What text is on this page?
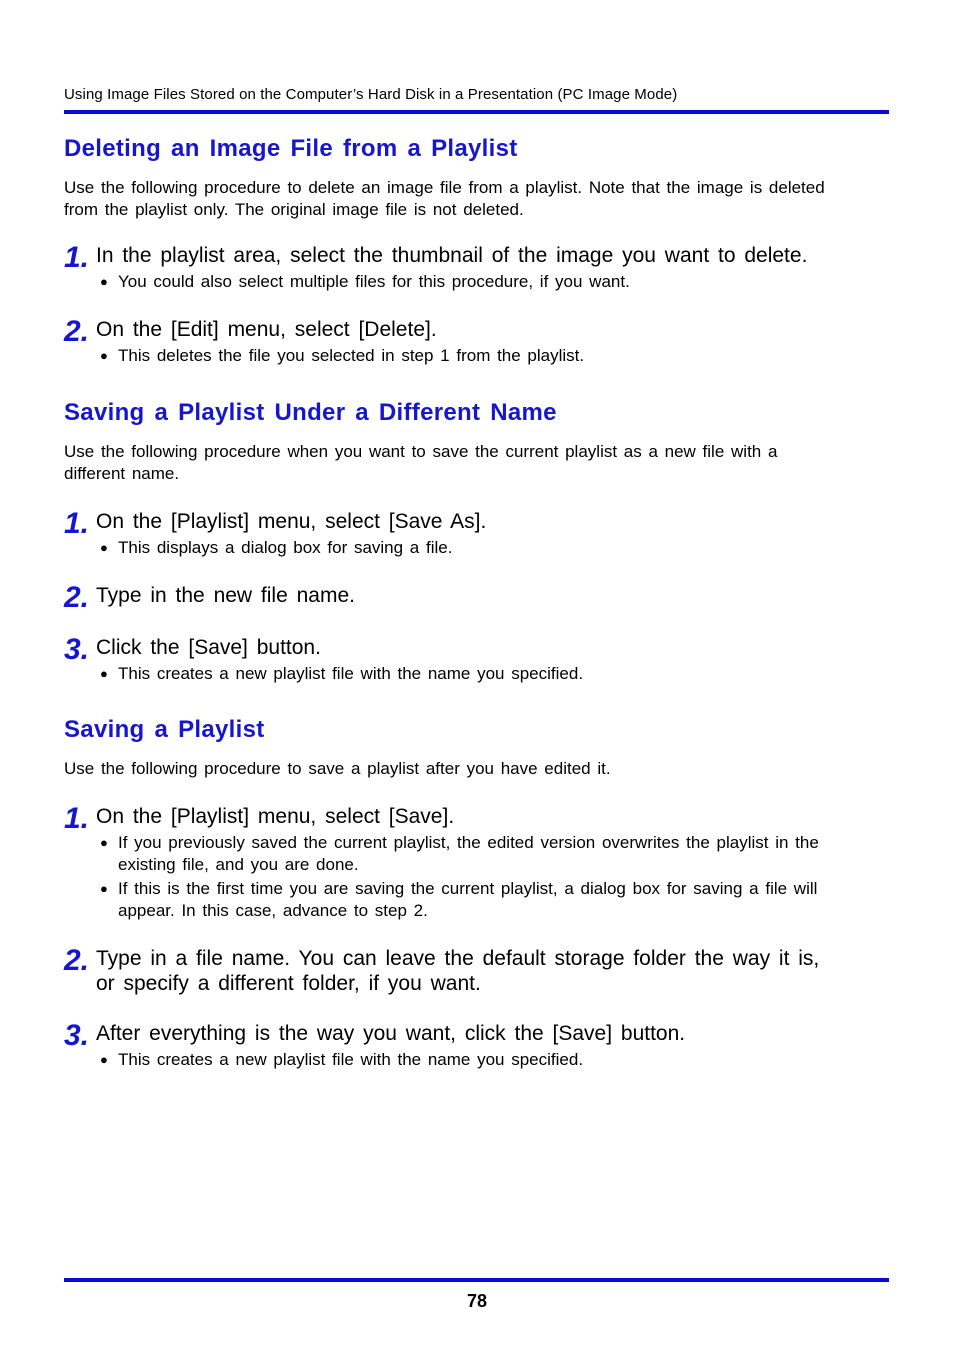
Using Image Files Stored on the Computer’s Hard Disk in a Presentation (PC Image Mode)
Deleting an Image File from a Playlist

Use the following procedure to delete an image file from a playlist. Note that the image is deleted from the playlist only. The original image file is not deleted.

1. In the playlist area, select the thumbnail of the image you want to delete.
● You could also select multiple files for this procedure, if you want.
2. On the [Edit] menu, select [Delete].
● This deletes the file you selected in step 1 from the playlist.
Saving a Playlist Under a Different Name

Use the following procedure when you want to save the current playlist as a new file with a different name.

1. On the [Playlist] menu, select [Save As].
● This displays a dialog box for saving a file.
2. Type in the new file name.
3. Click the [Save] button.
● This creates a new playlist file with the name you specified.
Saving a Playlist

Use the following procedure to save a playlist after you have edited it.

1. On the [Playlist] menu, select [Save].
● If you previously saved the current playlist, the edited version overwrites the playlist in the existing file, and you are done.
● If this is the first time you are saving the current playlist, a dialog box for saving a file will appear. In this case, advance to step 2.
2. Type in a file name. You can leave the default storage folder the way it is, or specify a different folder, if you want.
3. After everything is the way you want, click the [Save] button.
● This creates a new playlist file with the name you specified.
78
